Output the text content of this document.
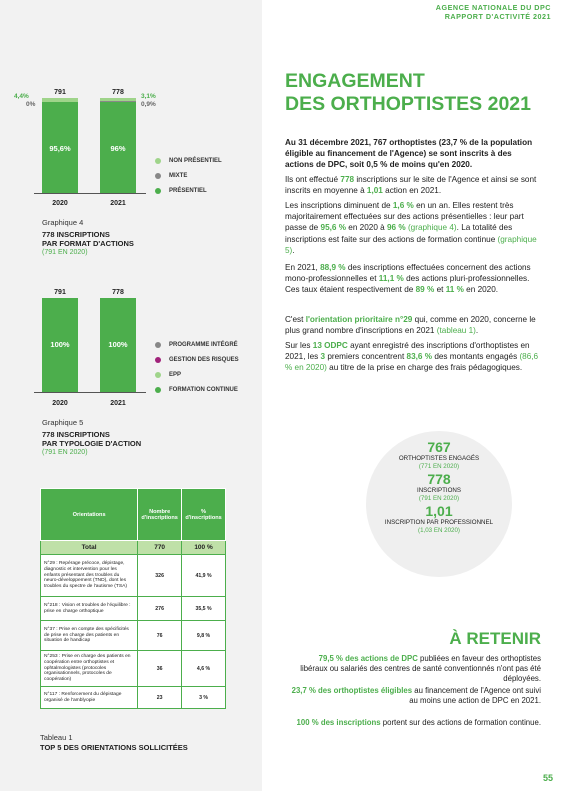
AGENCE NATIONALE DU DPC
RAPPORT D'ACTIVITÉ 2021
791	778
4,4%
0%
3,1%
0,9%
95,6%	96%
2020	2021
NON PRÉSENTIEL
MIXTE
PRÉSENTIEL
Graphique 4
778 INSCRIPTIONS
PAR FORMAT D'ACTIONS
(791 EN 2020)
791	778
100%	100%
2020	2021
PROGRAMME INTÉGRÉ
GESTION DES RISQUES
EPP
FORMATION CONTINUE
Graphique 5
778 INSCRIPTIONS
PAR TYPOLOGIE D'ACTION
(791 EN 2020)
Orientations	Nombre d'inscriptions	% d'inscriptions
Total	770	100 %
N°29 : Repérage précoce, dépistage, diagnostic et intervention pour les enfants présentant des troubles du neuro-développement (TND), dont les troubles du spectre de l'autisme (TSA)	326	41,9 %
N°218 : Vision et troubles de l'équilibre : prise en charge orthoptique	276	35,5 %
N°37 : Prise en compte des spécificités de prise en charge des patients en situation de handicap	76	9,8 %
N°253 : Prise en charge des patients en coopération entre orthoptistes et ophtalmologistes (protocoles organisationnels, protocoles de coopération)	36	4,6 %
N°117 : Renforcement du dépistage organisé de l'amblyopie	23	3 %
Tableau 1
TOP 5 DES ORIENTATIONS SOLLICITÉES
ENGAGEMENT
DES ORTHOPTISTES 2021
Au 31 décembre 2021, 767 orthoptistes (23,7 % de la population éligible au financement de l'Agence) se sont inscrits à des actions de DPC, soit 0,5 % de moins qu'en 2020.
Ils ont effectué 778 inscriptions sur le site de l'Agence et ainsi se sont inscrits en moyenne à 1,01 action en 2021.
Les inscriptions diminuent de 1,6 % en un an. Elles restent très majoritairement effectuées sur des actions présentielles : leur part passe de 95,6 % en 2020 à 96 % (graphique 4). La totalité des inscriptions est faite sur des actions de formation continue (graphique 5).
En 2021, 88,9 % des inscriptions effectuées concernent des actions mono-professionnelles et 11,1 % des actions pluri-professionnelles. Ces taux étaient respectivement de 89 % et 11 % en 2020.
C'est l'orientation prioritaire n°29 qui, comme en 2020, concerne le plus grand nombre d'inscriptions en 2021 (tableau 1).
Sur les 13 ODPC ayant enregistré des inscriptions d'orthoptistes en 2021, les 3 premiers concentrent 83,6 % des montants engagés (86,6 % en 2020) au titre de la prise en charge des frais pédagogiques.
767
ORTHOPTISTES ENGAGÉS
(771 EN 2020)
778
INSCRIPTIONS
(791 EN 2020)
1,01
INSCRIPTION PAR PROFESSIONNEL
(1,03 EN 2020)
À RETENIR
79,5 % des actions de DPC publiées en faveur des orthoptistes libéraux ou salariés des centres de santé conventionnés n'ont pas été déployées.
23,7 % des orthoptistes éligibles au financement de l'Agence ont suivi au moins une action de DPC en 2021.
100 % des inscriptions portent sur des actions de formation continue.
55
